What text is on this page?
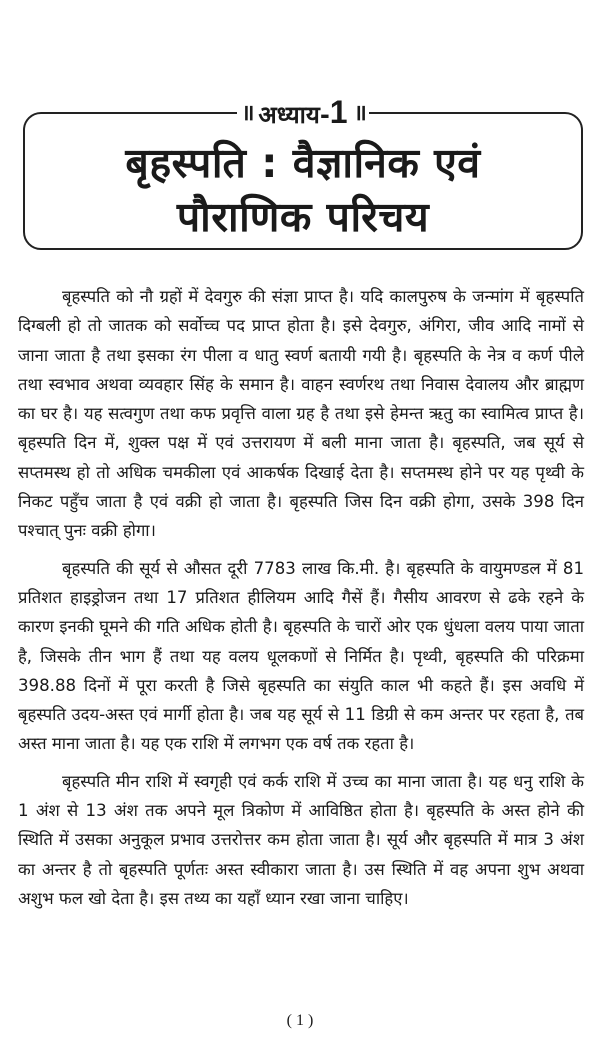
॥ अध्याय-1 ॥
बृहस्पति : वैज्ञानिक एवं
पौराणिक परिचय

बृहस्पति को नौ ग्रहों में देवगुरु की संज्ञा प्राप्त है। यदि कालपुरुष के जन्मांग में बृहस्पति दिग्बली हो तो जातक को सर्वोच्च पद प्राप्त होता है। इसे देवगुरु, अंगिरा, जीव आदि नामों से जाना जाता है तथा इसका रंग पीला व धातु स्वर्ण बतायी गयी है। बृहस्पति के नेत्र व कर्ण पीले तथा स्वभाव अथवा व्यवहार सिंह के समान है। वाहन स्वर्णरथ तथा निवास देवालय और ब्राह्मण का घर है। यह सत्वगुण तथा कफ प्रवृत्ति वाला ग्रह है तथा इसे हेमन्त ऋतु का स्वामित्व प्राप्त है। बृहस्पति दिन में, शुक्ल पक्ष में एवं उत्तरायण में बली माना जाता है। बृहस्पति, जब सूर्य से सप्तमस्थ हो तो अधिक चमकीला एवं आकर्षक दिखाई देता है। सप्तमस्थ होने पर यह पृथ्वी के निकट पहुँच जाता है एवं वक्री हो जाता है। बृहस्पति जिस दिन वक्री होगा, उसके 398 दिन पश्चात् पुनः वक्री होगा।

बृहस्पति की सूर्य से औसत दूरी 7783 लाख कि.मी. है। बृहस्पति के वायुमण्डल में 81 प्रतिशत हाइड्रोजन तथा 17 प्रतिशत हीलियम आदि गैसें हैं। गैसीय आवरण से ढके रहने के कारण इनकी घूमने की गति अधिक होती है। बृहस्पति के चारों ओर एक धुंधला वलय पाया जाता है, जिसके तीन भाग हैं तथा यह वलय धूलकणों से निर्मित है। पृथ्वी, बृहस्पति की परिक्रमा 398.88 दिनों में पूरा करती है जिसे बृहस्पति का संयुति काल भी कहते हैं। इस अवधि में बृहस्पति उदय-अस्त एवं मार्गी होता है। जब यह सूर्य से 11 डिग्री से कम अन्तर पर रहता है, तब अस्त माना जाता है। यह एक राशि में लगभग एक वर्ष तक रहता है।

बृहस्पति मीन राशि में स्वगृही एवं कर्क राशि में उच्च का माना जाता है। यह धनु राशि के 1 अंश से 13 अंश तक अपने मूल त्रिकोण में आविष्ठित होता है। बृहस्पति के अस्त होने की स्थिति में उसका अनुकूल प्रभाव उत्तरोत्तर कम होता जाता है। सूर्य और बृहस्पति में मात्र 3 अंश का अन्तर है तो बृहस्पति पूर्णतः अस्त स्वीकारा जाता है। उस स्थिति में वह अपना शुभ अथवा अशुभ फल खो देता है। इस तथ्य का यहाँ ध्यान रखा जाना चाहिए।

( 1 )
